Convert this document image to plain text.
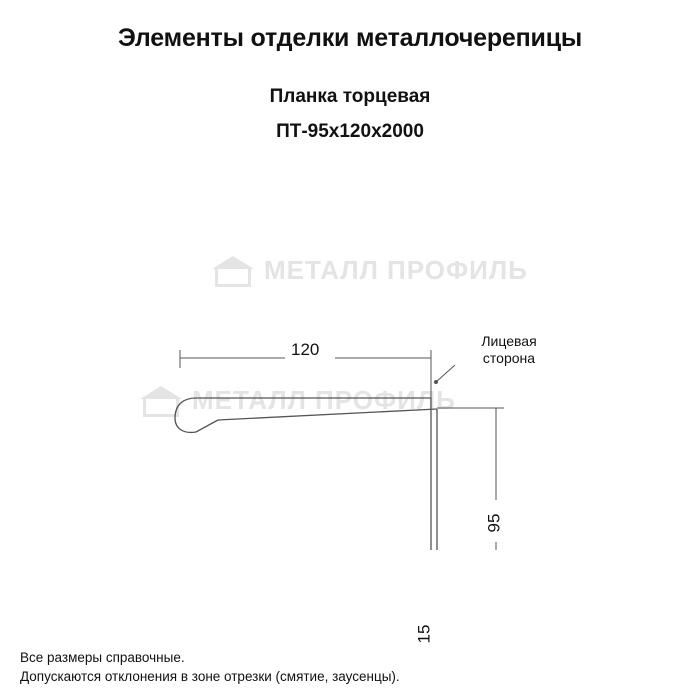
Элементы отделки металлочерепицы
Планка торцевая
ПТ-95х120х2000
МЕТАЛЛ ПРОФИЛЬ
МЕТАЛЛ ПРОФИЛЬ
120
95
15
Лицевая
сторона
Все размеры справочные.
Допускаются отклонения в зоне отрезки (смятие, заусенцы).
